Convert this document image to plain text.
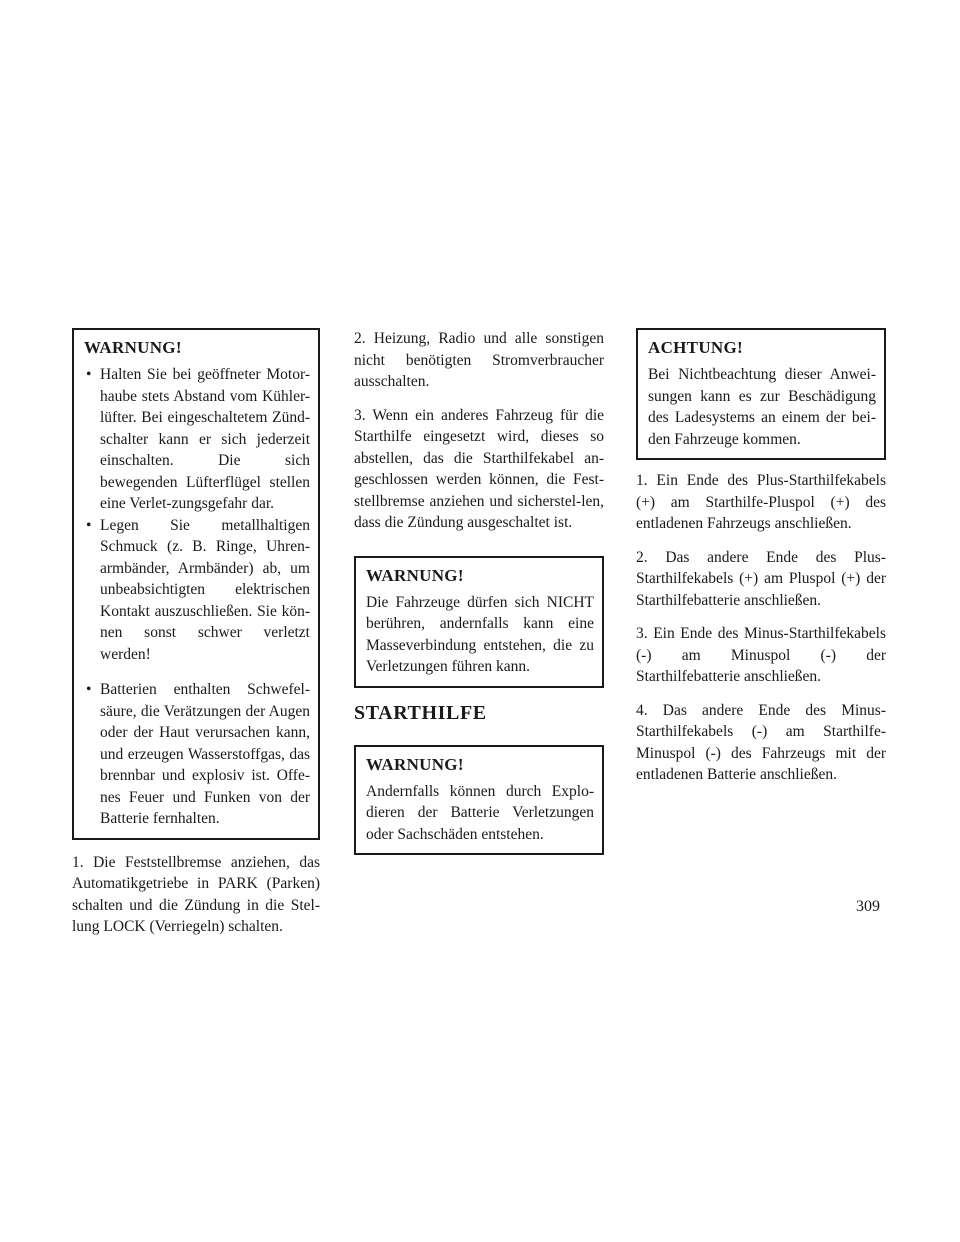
WARNUNG!
• Halten Sie bei geöffneter Motor-haube stets Abstand vom Kühler-lüfter. Bei eingeschaltetem Zünd-schalter kann er sich jederzeit einschalten. Die sich bewegenden Lüfterflügel stellen eine Verlet-zungsgefahr dar.
• Legen Sie metallhaltigen Schmuck (z. B. Ringe, Uhren-armbänder, Armbänder) ab, um unbeabsichtigten elektrischen Kontakt auszuschließen. Sie kön-nen sonst schwer verletzt werden!
• Batterien enthalten Schwefel-säure, die Verätzungen der Augen oder der Haut verursachen kann, und erzeugen Wasserstoffgas, das brennbar und explosiv ist. Offe-nes Feuer und Funken von der Batterie fernhalten.

1. Die Feststellbremse anziehen, das Automatikgetriebe in PARK (Parken) schalten und die Zündung in die Stel-lung LOCK (Verriegeln) schalten.

2. Heizung, Radio und alle sonstigen nicht benötigten Stromverbraucher ausschalten.

3. Wenn ein anderes Fahrzeug für die Starthilfe eingesetzt wird, dieses so abstellen, das die Starthilfekabel an-geschlossen werden können, die Fest-stellbremse anziehen und sicherstel-len, dass die Zündung ausgeschaltet ist.

WARNUNG!

Die Fahrzeuge dürfen sich NICHT berühren, andernfalls kann eine Masseverbindung entstehen, die zu Verletzungen führen kann.

STARTHILFE
WARNUNG!

Andernfalls können durch Explo-dieren der Batterie Verletzungen oder Sachschäden entstehen.

ACHTUNG!

Bei Nichtbeachtung dieser Anwei-sungen kann es zur Beschädigung des Ladesystems an einem der bei-den Fahrzeuge kommen.

1. Ein Ende des Plus-Starthilfekabels (+) am Starthilfe-Pluspol (+) des entladenen Fahrzeugs anschließen.

2. Das andere Ende des Plus-Starthilfekabels (+) am Pluspol (+) der Starthilfebatterie anschließen.

3. Ein Ende des Minus-Starthilfekabels (-) am Minuspol (-) der Starthilfebatterie anschließen.

4. Das andere Ende des Minus-Starthilfekabels (-) am Starthilfe-Minuspol (-) des Fahrzeugs mit der entladenen Batterie anschließen.

309
